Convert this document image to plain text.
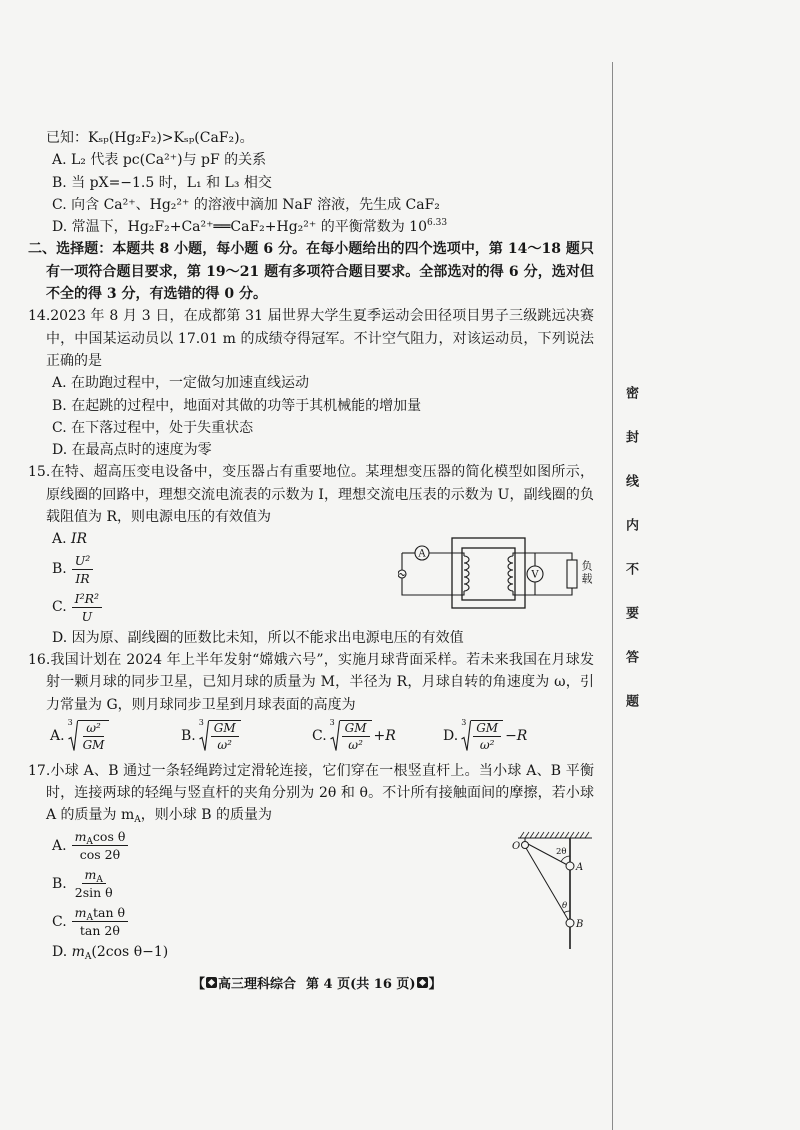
密封线内不要答题

已知：Kₛₚ(Hg₂F₂)>Kₛₚ(CaF₂)。

A. L₂ 代表 pc(Ca²⁺)与 pF 的关系

B. 当 pX=−1.5 时，L₁ 和 L₃ 相交

C. 向含 Ca²⁺、Hg₂²⁺ 的溶液中滴加 NaF 溶液，先生成 CaF₂

D. 常温下，Hg₂F₂+Ca²⁺══CaF₂+Hg₂²⁺ 的平衡常数为 $10^{6.33}$

二、选择题：本题共 8 小题，每小题 6 分。在每小题给出的四个选项中，第 14～18 题只有一项符合题目要求，第 19～21 题有多项符合题目要求。全部选对的得 6 分，选对但不全的得 3 分，有选错的得 0 分。

14.2023 年 8 月 3 日，在成都第 31 届世界大学生夏季运动会田径项目男子三级跳远决赛中，中国某运动员以 17.01 m 的成绩夺得冠军。不计空气阻力，对该运动员，下列说法正确的是

A. 在助跑过程中，一定做匀加速直线运动

B. 在起跳的过程中，地面对其做的功等于其机械能的增加量

C. 在下落过程中，处于失重状态

D. 在最高点时的速度为零

15.在特、超高压变电设备中，变压器占有重要地位。某理想变压器的简化模型如图所示，原线圈的回路中，理想交流电流表的示数为 I，理想交流电压表的示数为 U，副线圈的负载阻值为 R，则电源电压的有效值为

A. IR

B. $\frac{\text{U²}}{IR}$
C. $\frac{\text{I²R²}}{U}$

D. 因为原、副线圈的匝数比未知，所以不能求出电源电压的有效值

A
V	负载

16.我国计划在 2024 年上半年发射“嫦娥六号”，实施月球背面采样。若未来我国在月球发射一颗月球的同步卫星，已知月球的质量为 M，半径为 R，月球自转的角速度为 ω，引力常量为 G，则月球同步卫星到月球表面的高度为

A.
$3 \frac{\text{ω²}}{GM}$	B.
$3 \frac{GM}{\text{ω²}}$	C.
$3 \frac{GM}{\text{ω²}} +R$	D.
$3 \frac{GM}{\text{ω²}} -R$

17.小球 A、B 通过一条轻绳跨过定滑轮连接，它们穿在一根竖直杆上。当小球 A、B 平衡时，连接两球的轻绳与竖直杆的夹角分别为 2θ 和 θ。不计所有接触面间的摩擦，若小球 A 的质量为 $m_A$，则小球 B 的质量为

A. $\frac{m_A\cos \theta}{\cos 2\theta}$
B. $\frac{m_A}{\text{2sin θ}}$
C. $\frac{m_A\tan \theta}{\tan 2\theta}$

D. $m_A(2\cos$ θ−1)

O	2θ
θ
A
B
【 高三理科综合 第 4 页(共 16 页) 】
